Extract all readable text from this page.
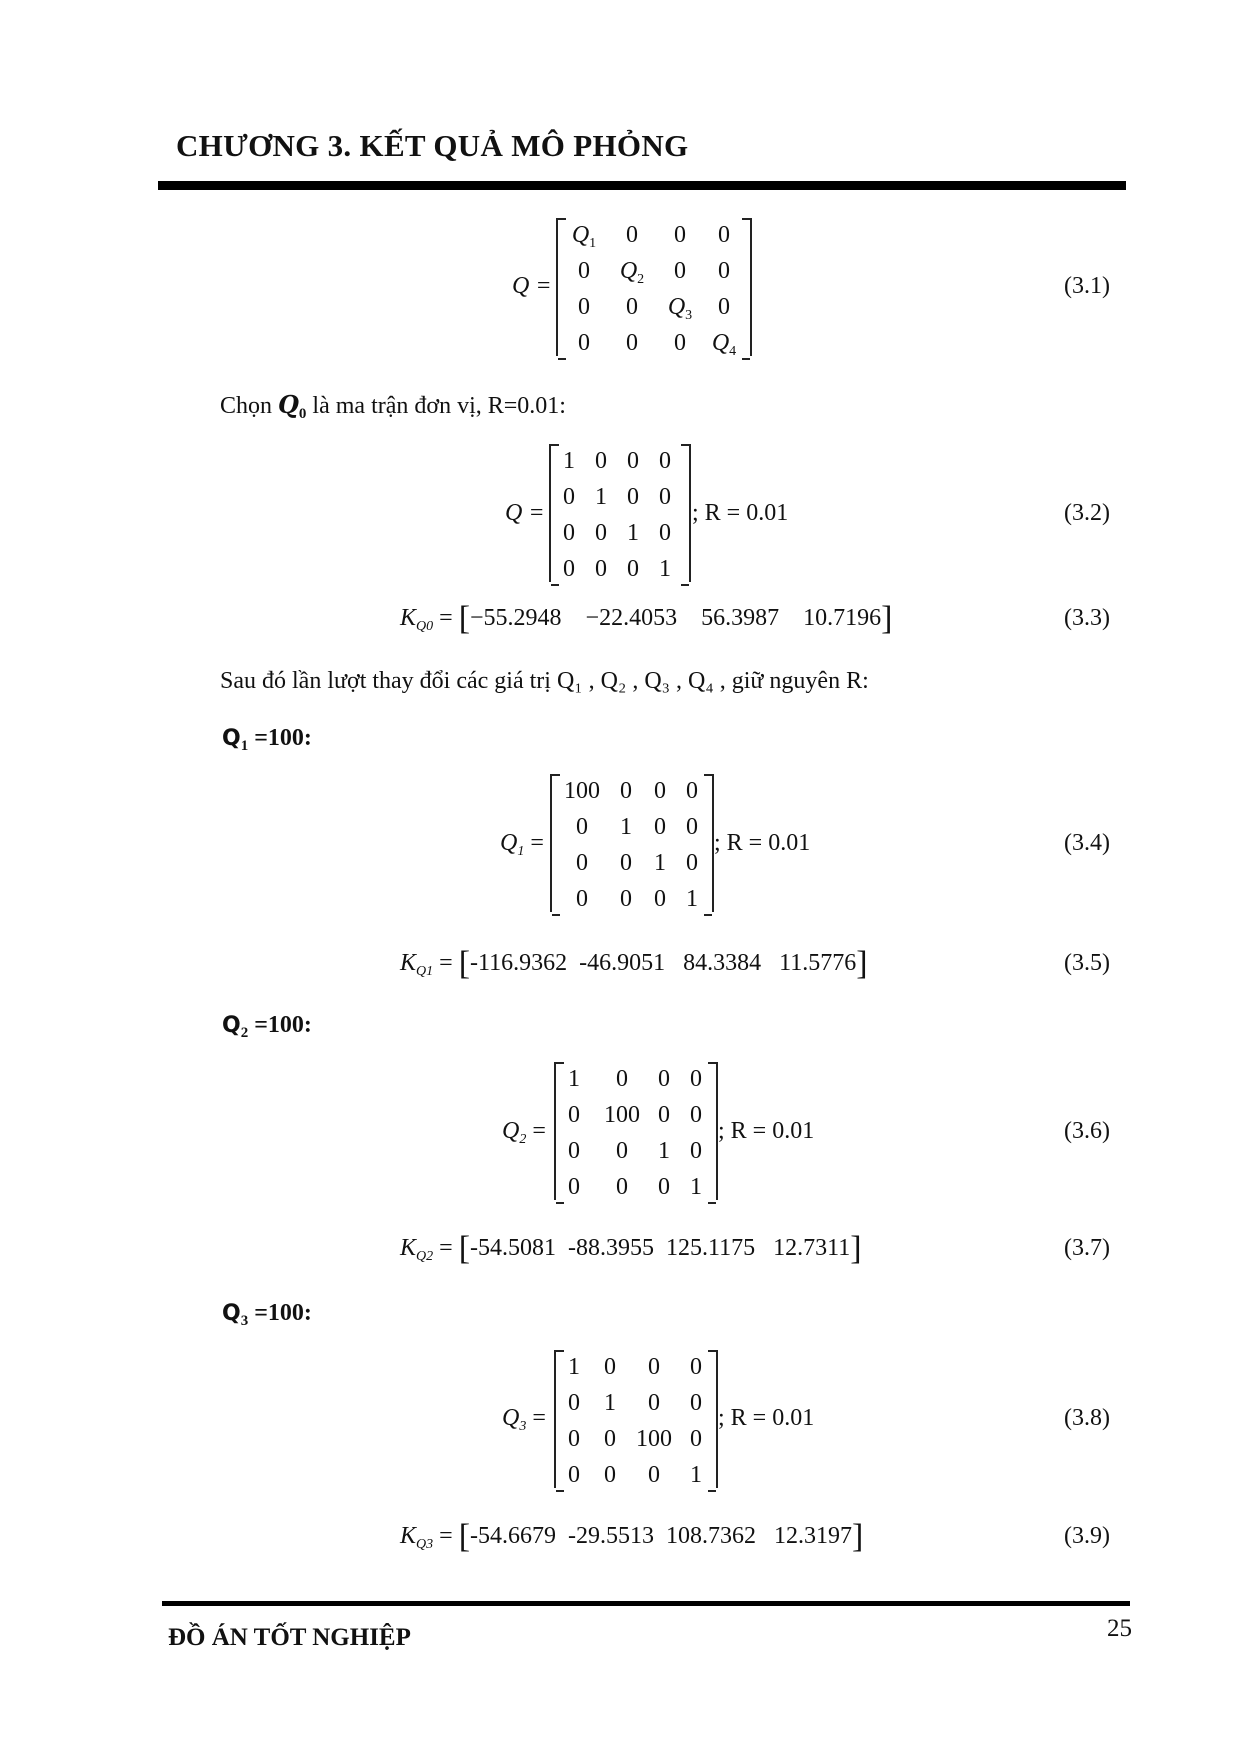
CHƯƠNG 3. KẾT QUẢ MÔ PHỎNG
Q =
$Q_1$	0	0	0
0	$Q_2$	0	0
0	0	$Q_3$	0
0	0	0	$Q_4$
(3.1)
Chọn $Q_0$ là ma trận đơn vị, R=0.01:
Q =
1 0 0 0
0 1 0 0
0 0 1 0
0 0 0 1
; R = 0.01	(3.2)
$K_{Q0} = [-55.2948$    −22.4053    56.3987    10.7196]	(3.3)
Sau đó lần lượt thay đổi các giá trị Q₁ , Q₂ , Q₃ , Q₄ , giữ nguyên R:
$Q_1 =100$:
$Q_1$ =
100 0 0 0
0	1 0 0
0	0 1 0
0	0 0 1
; R = 0.01	(3.4)
$K_{Q1} = [-116.9362$  -46.9051   84.3384   11.5776]	(3.5)
$Q_2 =100$:
$Q_2$ =
1	0	0 0
0	100 0 0
0	0	1 0
0	0	0 1
; R = 0.01	(3.6)
$K_{Q2} = [-54.5081$  -88.3955  125.1175   12.7311]	(3.7)
$Q_3 =100$:
$Q_3$ =
1	0	0	0
0	1	0	0
0	0 100 0
0	0	0	1
; R = 0.01	(3.8)
$K_{Q3} = [-54.6679$  -29.5513  108.7362   12.3197]	(3.9)
ĐỒ ÁN TỐT NGHIỆP	25
